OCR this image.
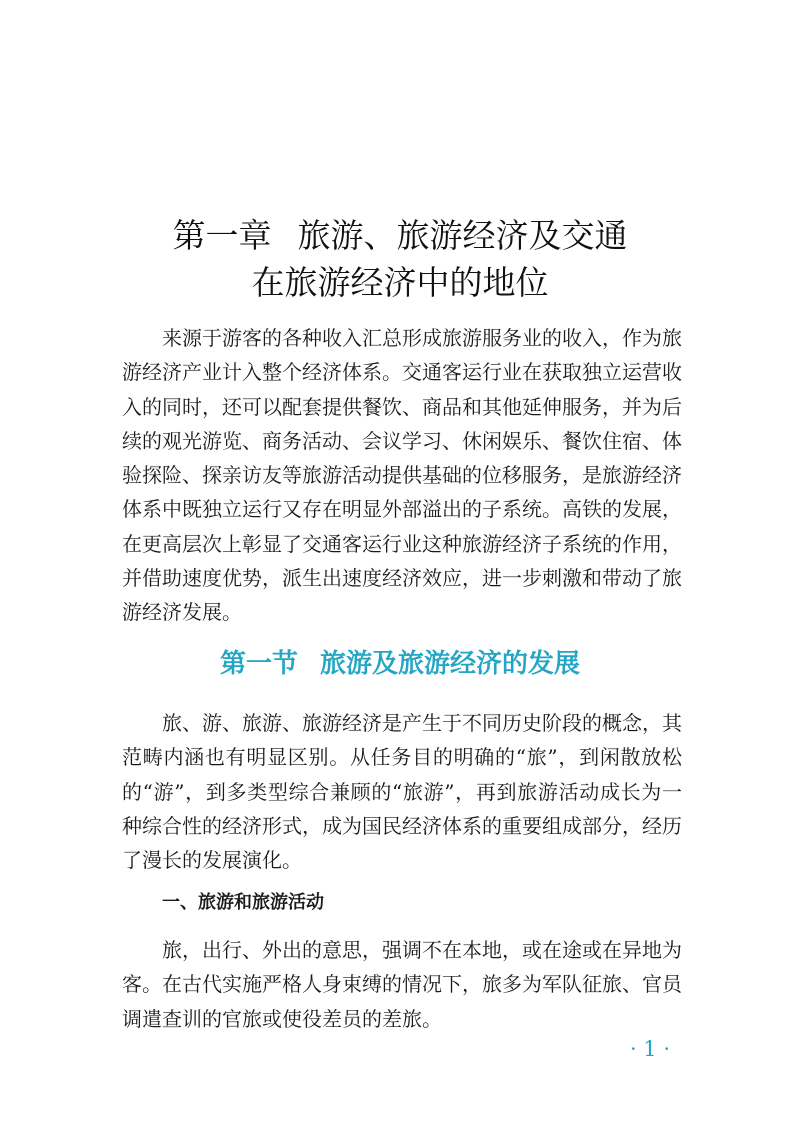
第一章 旅游、旅游经济及交通
在旅游经济中的地位

来源于游客的各种收入汇总形成旅游服务业的收入，作为旅游经济产业计入整个经济体系。交通客运行业在获取独立运营收入的同时，还可以配套提供餐饮、商品和其他延伸服务，并为后续的观光游览、商务活动、会议学习、休闲娱乐、餐饮住宿、体验探险、探亲访友等旅游活动提供基础的位移服务，是旅游经济体系中既独立运行又存在明显外部溢出的子系统。高铁的发展，在更高层次上彰显了交通客运行业这种旅游经济子系统的作用，并借助速度优势，派生出速度经济效应，进一步刺激和带动了旅游经济发展。

第一节 旅游及旅游经济的发展

旅、游、旅游、旅游经济是产生于不同历史阶段的概念，其范畴内涵也有明显区别。从任务目的明确的“旅”，到闲散放松的“游”，到多类型综合兼顾的“旅游”，再到旅游活动成长为一种综合性的经济形式，成为国民经济体系的重要组成部分，经历了漫长的发展演化。

一、旅游和旅游活动

旅，出行、外出的意思，强调不在本地，或在途或在异地为客。在古代实施严格人身束缚的情况下，旅多为军队征旅、官员调遣查训的官旅或使役差员的差旅。

· 1 ·
